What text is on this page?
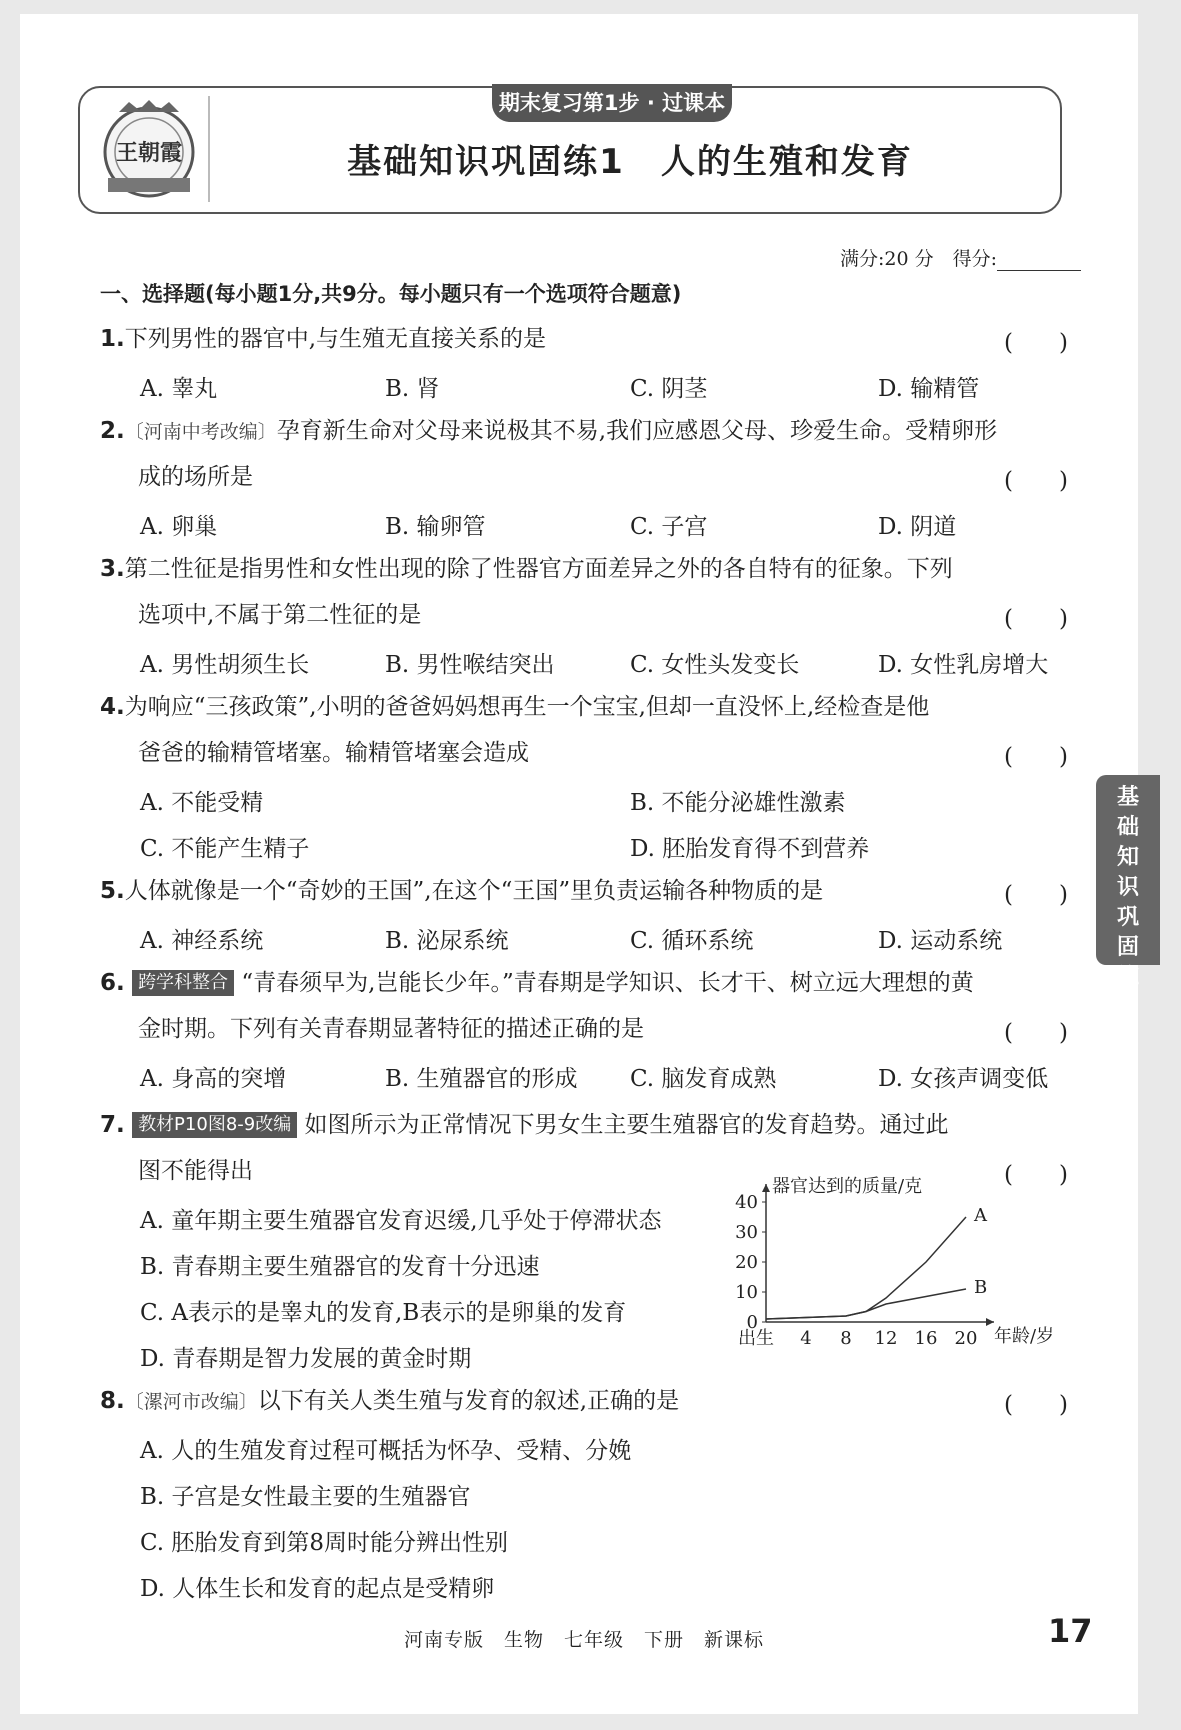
王朝霞
期末复习第1步 · 过课本
基础知识巩固练1　人的生殖和发育
满分:20 分　得分:
一、选择题(每小题1分,共9分。每小题只有一个选项符合题意)
1.下列男性的器官中,与生殖无直接关系的是	(　　)
A. 睾丸	B. 肾	C. 阴茎	D. 输精管
2.〔河南中考改编〕孕育新生命对父母来说极其不易,我们应感恩父母、珍爱生命。受精卵形
成的场所是	(　　)
A. 卵巢	B. 输卵管	C. 子宫	D. 阴道
3.第二性征是指男性和女性出现的除了性器官方面差异之外的各自特有的征象。下列
选项中,不属于第二性征的是	(　　)
A. 男性胡须生长	B. 男性喉结突出	C. 女性头发变长	D. 女性乳房增大
4.为响应“三孩政策”,小明的爸爸妈妈想再生一个宝宝,但却一直没怀上,经检查是他
爸爸的输精管堵塞。输精管堵塞会造成	(　　)
A. 不能受精	B. 不能分泌雄性激素
C. 不能产生精子	D. 胚胎发育得不到营养
5.人体就像是一个“奇妙的王国”,在这个“王国”里负责运输各种物质的是	(　　)
A. 神经系统	B. 泌尿系统	C. 循环系统	D. 运动系统
6. 跨学科整合 “青春须早为,岂能长少年。”青春期是学知识、长才干、树立远大理想的黄
金时期。下列有关青春期显著特征的描述正确的是	(　　)
A. 身高的突增	B. 生殖器官的形成 C. 脑发育成熟	D. 女孩声调变低
7. 教材P10图8-9改编 如图所示为正常情况下男女生主要生殖器官的发育趋势。通过此
图不能得出	(　　)
A. 童年期主要生殖器官发育迟缓,几乎处于停滞状态
B. 青春期主要生殖器官的发育十分迅速
C. A表示的是睾丸的发育,B表示的是卵巢的发育
D. 青春期是智力发展的黄金时期
器官达到的质量/克
年龄/岁
0
10
20
30
40
出生 4 8 12 16 20
A
B
8.〔漯河市改编〕以下有关人类生殖与发育的叙述,正确的是	(　　)
A. 人的生殖发育过程可概括为怀孕、受精、分娩
B. 子宫是女性最主要的生殖器官
C. 胚胎发育到第8周时能分辨出性别
D. 人体生长和发育的起点是受精卵
基础知识巩固练
河南专版　生物　七年级　下册　新课标	17
